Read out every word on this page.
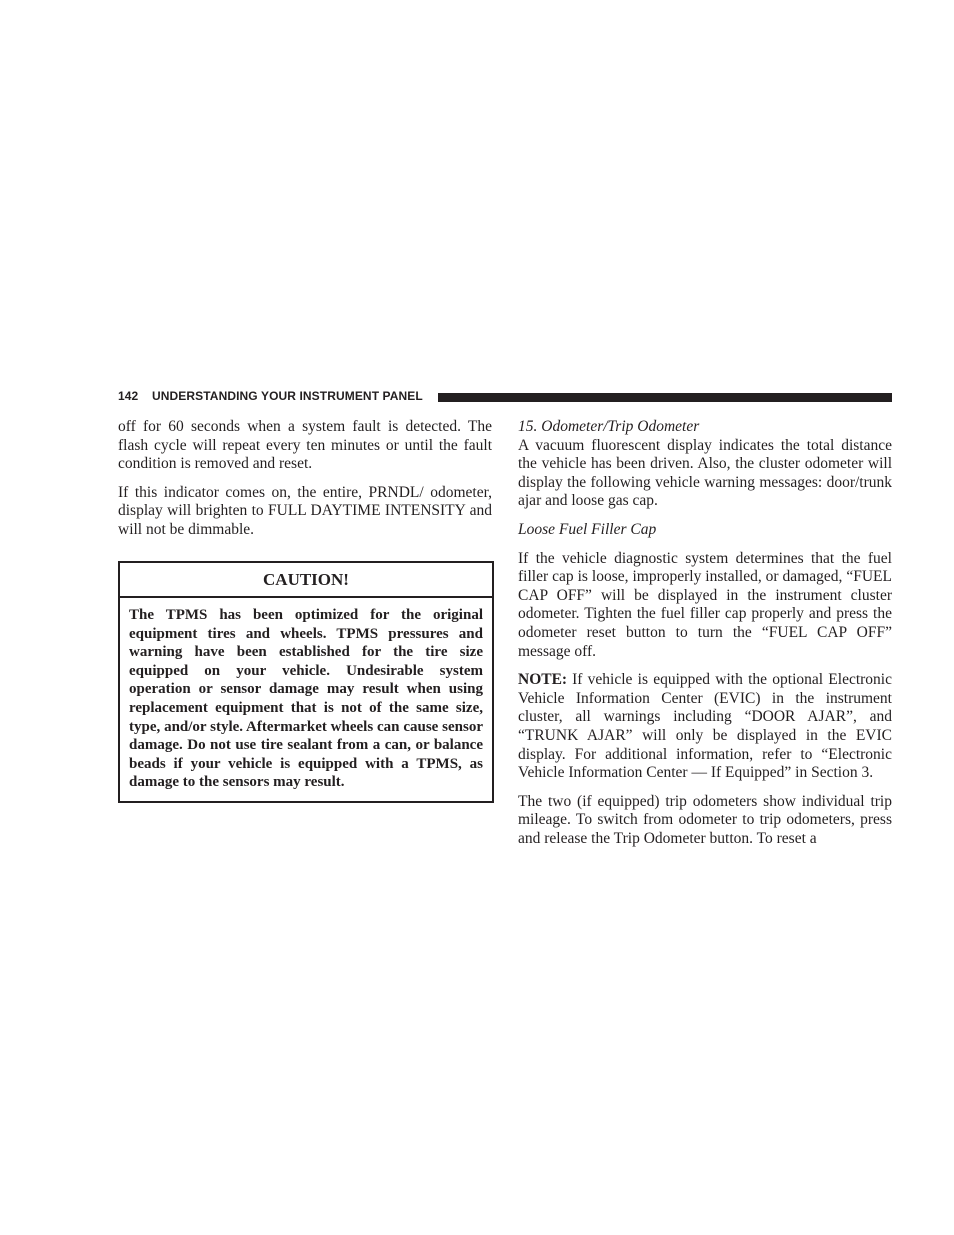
142 UNDERSTANDING YOUR INSTRUMENT PANEL

off for 60 seconds when a system fault is detected. The flash cycle will repeat every ten minutes or until the fault condition is removed and reset.

If this indicator comes on, the entire, PRNDL/ odometer, display will brighten to FULL DAYTIME INTENSITY and will not be dimmable.

CAUTION!

The TPMS has been optimized for the original equipment tires and wheels. TPMS pressures and warning have been established for the tire size equipped on your vehicle. Undesirable system operation or sensor damage may result when using replacement equipment that is not of the same size, type, and/or style. Aftermarket wheels can cause sensor damage. Do not use tire sealant from a can, or balance beads if your vehicle is equipped with a TPMS, as damage to the sensors may result.

15. Odometer/Trip Odometer

A vacuum fluorescent display indicates the total distance the vehicle has been driven. Also, the cluster odometer will display the following vehicle warning messages: door/trunk ajar and loose gas cap.

Loose Fuel Filler Cap

If the vehicle diagnostic system determines that the fuel filler cap is loose, improperly installed, or damaged, “FUEL CAP OFF” will be displayed in the instrument cluster odometer. Tighten the fuel filler cap properly and press the odometer reset button to turn the “FUEL CAP OFF” message off.

NOTE: If vehicle is equipped with the optional Electronic Vehicle Information Center (EVIC) in the instrument cluster, all warnings including “DOOR AJAR”, and “TRUNK AJAR” will only be displayed in the EVIC display. For additional information, refer to “Electronic Vehicle Information Center — If Equipped” in Section 3.

The two (if equipped) trip odometers show individual trip mileage. To switch from odometer to trip odometers, press and release the Trip Odometer button. To reset a
